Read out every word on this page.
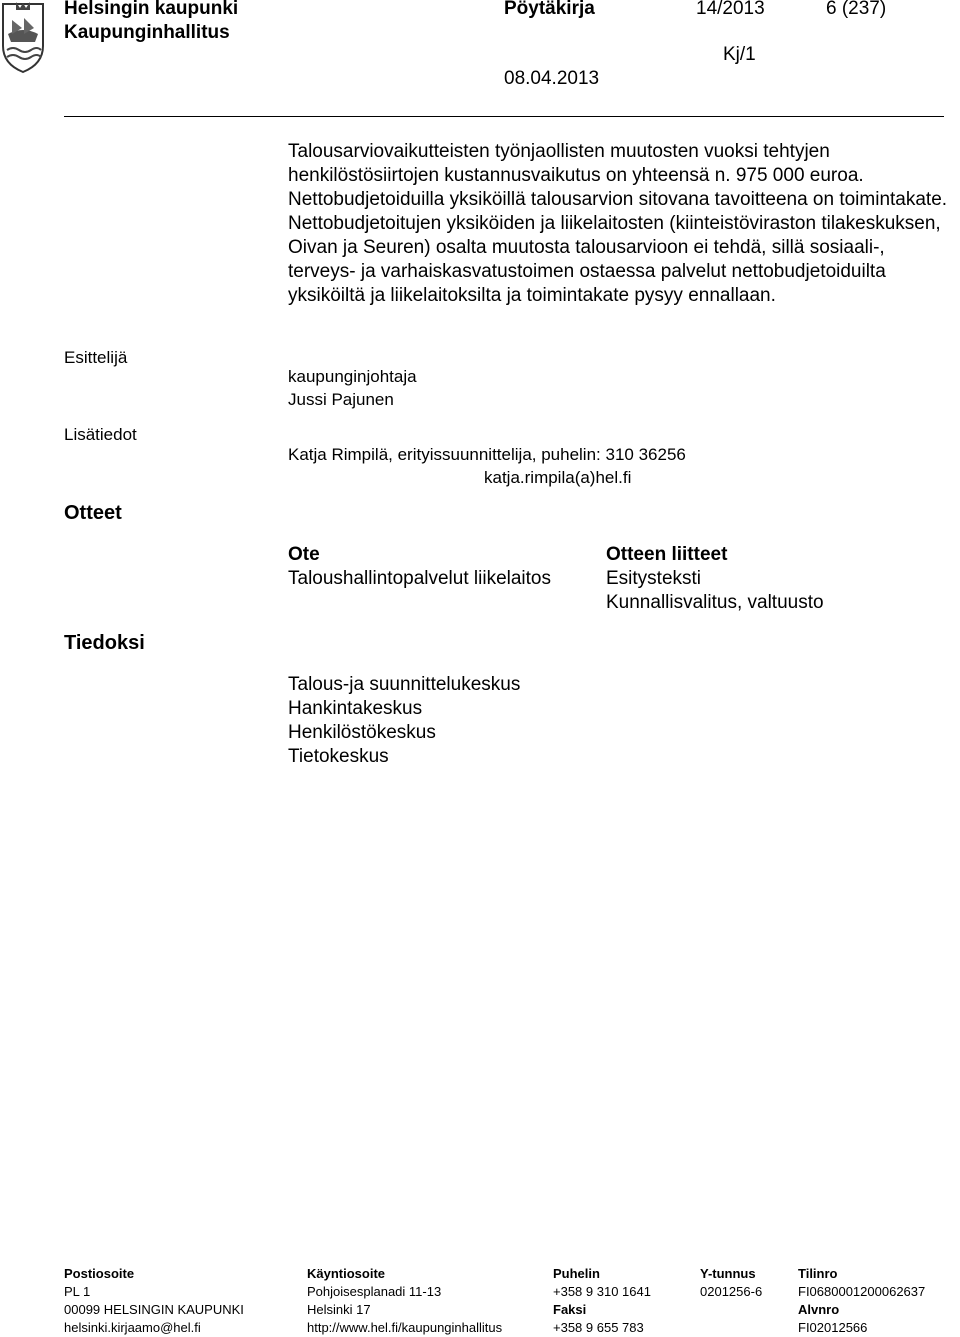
Helsingin kaupunki
Kaupunginhallitus
Pöytäkirja	14/2013	6 (237)
Kj/1
08.04.2013

Talousarviovaikutteisten työnjaollisten muutosten vuoksi tehtyjen henkilöstösiirtojen kustannusvaikutus on yhteensä n. 975 000 euroa. Nettobudjetoiduilla yksiköillä talousarvion sitovana tavoitteena on toimintakate. Nettobudjetoitujen yksiköiden ja liikelaitosten (kiinteistöviraston tilakeskuksen, Oivan ja Seuren) osalta muutosta talousarvioon ei tehdä, sillä sosiaali-, terveys- ja varhaiskasvatustoimen ostaessa palvelut nettobudjetoiduilta yksiköiltä ja liikelaitoksilta ja toimintakate pysyy ennallaan.

Esittelijä
kaupunginjohtaja
Jussi Pajunen
Lisätiedot
Katja Rimpilä, erityissuunnittelija, puhelin: 310 36256
katja.rimpila(a)hel.fi
Otteet
Ote
Taloushallintopalvelut liikelaitos
Otteen liitteet
Esitysteksti
Kunnallisvalitus, valtuusto
Tiedoksi
Talous-ja suunnittelukeskus
Hankintakeskus
Henkilöstökeskus
Tietokeskus
Postiosoite
PL 1
00099 HELSINGIN KAUPUNKI
helsinki.kirjaamo@hel.fi
Käyntiosoite
Pohjoisesplanadi 11-13
Helsinki 17
http://www.hel.fi/kaupunginhallitus
Puhelin
+358 9 310 1641
Faksi
+358 9 655 783
Y-tunnus
0201256-6
Tilinro
FI0680001200062637
Alvnro
FI02012566
